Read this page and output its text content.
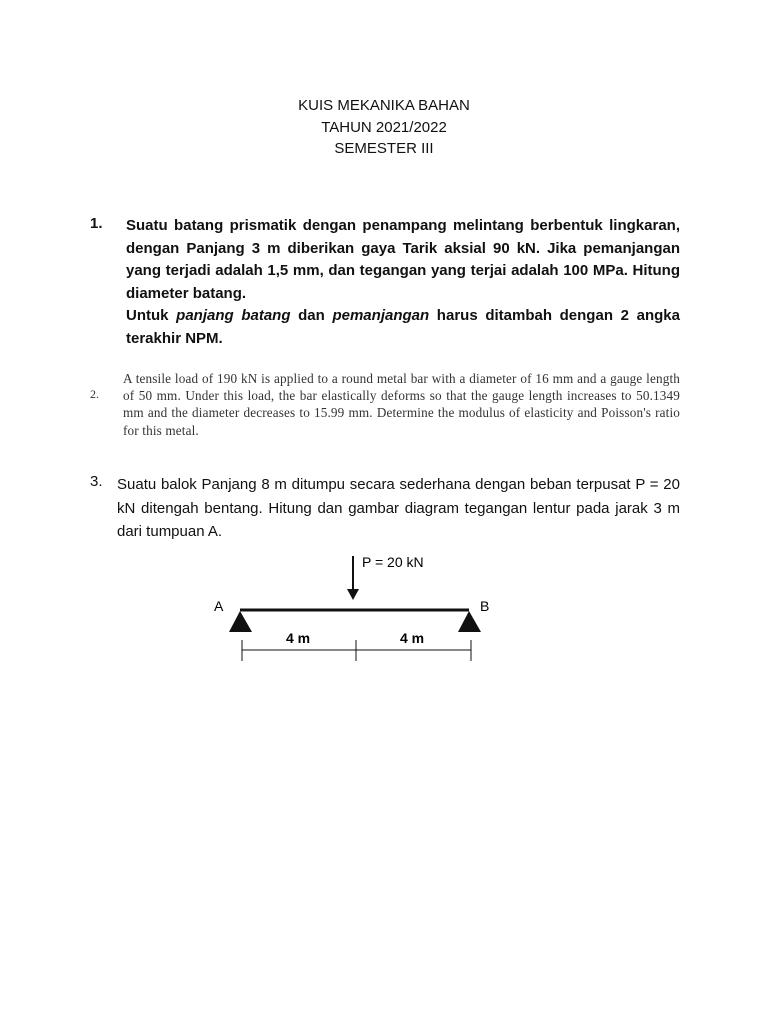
KUIS MEKANIKA BAHAN
TAHUN 2021/2022
SEMESTER III
1. Suatu batang prismatik dengan penampang melintang berbentuk lingkaran, dengan Panjang 3 m diberikan gaya Tarik aksial 90 kN. Jika pemanjangan yang terjadi adalah 1,5 mm, dan tegangan yang terjai adalah 100 MPa. Hitung diameter batang.
Untuk panjang batang dan pemanjangan harus ditambah dengan 2 angka terakhir NPM.
2.
A tensile load of 190 kN is applied to a round metal bar with a diameter of 16 mm and a gauge length of 50 mm. Under this load, the bar elastically deforms so that the gauge length increases to 50.1349 mm and the diameter decreases to 15.99 mm. Determine the modulus of elasticity and Poisson's ratio for this metal.
3. Suatu balok Panjang 8 m ditumpu secara sederhana dengan beban terpusat P = 20 kN ditengah bentang. Hitung dan gambar diagram tegangan lentur pada jarak 3 m dari tumpuan A.
P = 20 kN
A	B
4 m	4 m
